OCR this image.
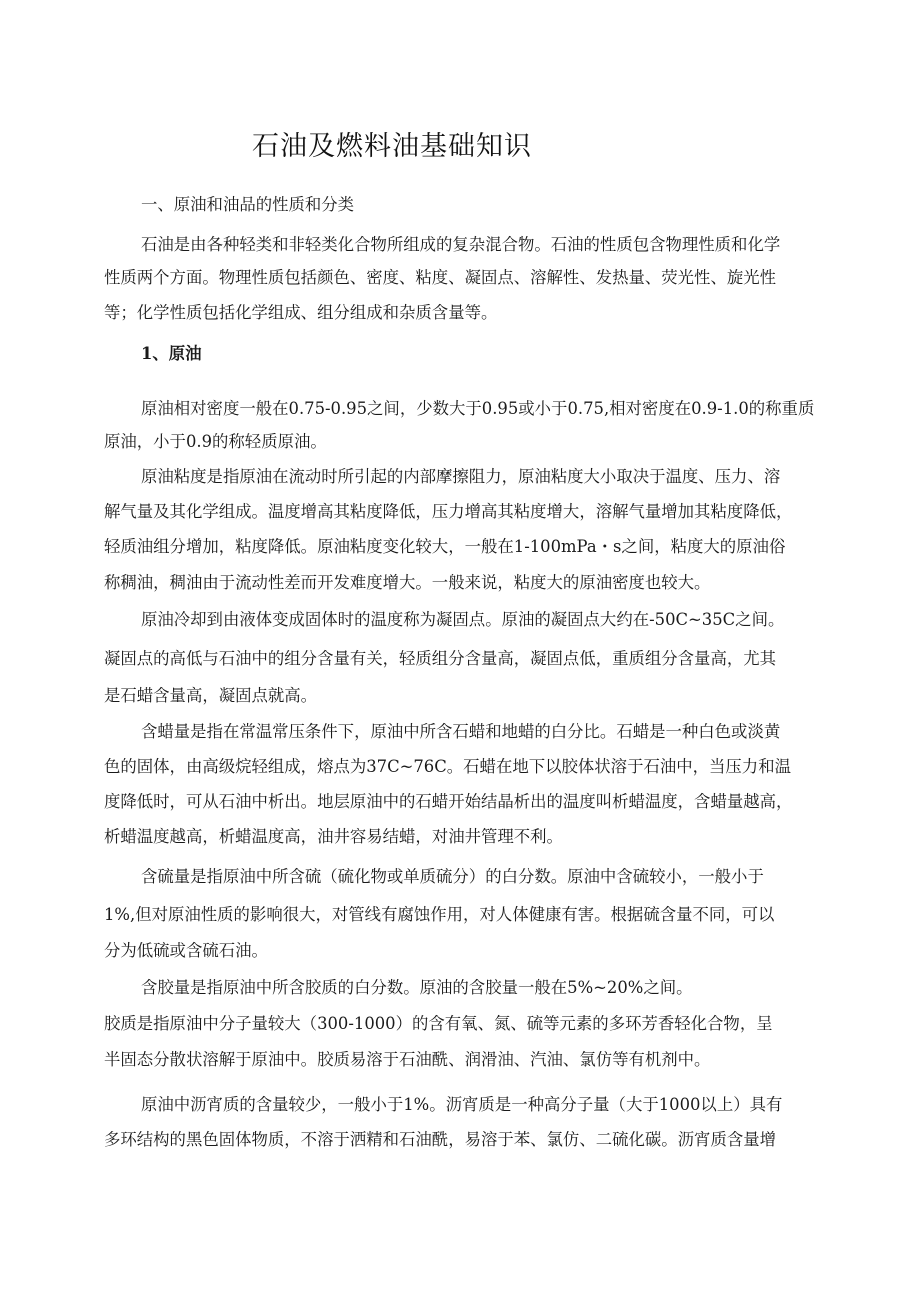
石油及燃料油基础知识
一、原油和油品的性质和分类
石油是由各种轻类和非轻类化合物所组成的复杂混合物。石油的性质包含物理性质和化学
性质两个方面。物理性质包括颜色、密度、粘度、凝固点、溶解性、发热量、荧光性、旋光性
等；化学性质包括化学组成、组分组成和杂质含量等。
1、原油
原油相对密度一般在0.75-0.95之间，少数大于0.95或小于0.75,相对密度在0.9-1.0的称重质
原油，小于0.9的称轻质原油。
原油粘度是指原油在流动时所引起的内部摩擦阻力，原油粘度大小取决于温度、压力、溶
解气量及其化学组成。温度增高其粘度降低，压力增高其粘度增大，溶解气量增加其粘度降低，
轻质油组分增加，粘度降低。原油粘度变化较大，一般在1-100mPa・s之间，粘度大的原油俗
称稠油，稠油由于流动性差而开发难度增大。一般来说，粘度大的原油密度也较大。
原油冷却到由液体变成固体时的温度称为凝固点。原油的凝固点大约在-50C~35C之间。
凝固点的高低与石油中的组分含量有关，轻质组分含量高，凝固点低，重质组分含量高，尤其
是石蜡含量高，凝固点就高。
含蜡量是指在常温常压条件下，原油中所含石蜡和地蜡的白分比。石蜡是一种白色或淡黄
色的固体，由高级烷轻组成，熔点为37C~76C。石蜡在地下以胶体状溶于石油中，当压力和温
度降低时，可从石油中析出。地层原油中的石蜡开始结晶析出的温度叫析蜡温度，含蜡量越高，
析蜡温度越高，析蜡温度高，油井容易结蜡，对油井管理不利。
含硫量是指原油中所含硫（硫化物或单质硫分）的白分数。原油中含硫较小，一般小于
1%,但对原油性质的影响很大，对管线有腐蚀作用，对人体健康有害。根据硫含量不同，可以
分为低硫或含硫石油。
含胶量是指原油中所含胶质的白分数。原油的含胶量一般在5%~20%之间。
胶质是指原油中分子量较大（300-1000）的含有氧、氮、硫等元素的多环芳香轻化合物，呈
半固态分散状溶解于原油中。胶质易溶于石油酰、润滑油、汽油、氯仿等有机剂中。
原油中沥宵质的含量较少，一般小于1%。沥宵质是一种高分子量（大于1000以上）具有
多环结构的黑色固体物质，不溶于洒精和石油酰，易溶于苯、氯仿、二硫化碳。沥宵质含量增
